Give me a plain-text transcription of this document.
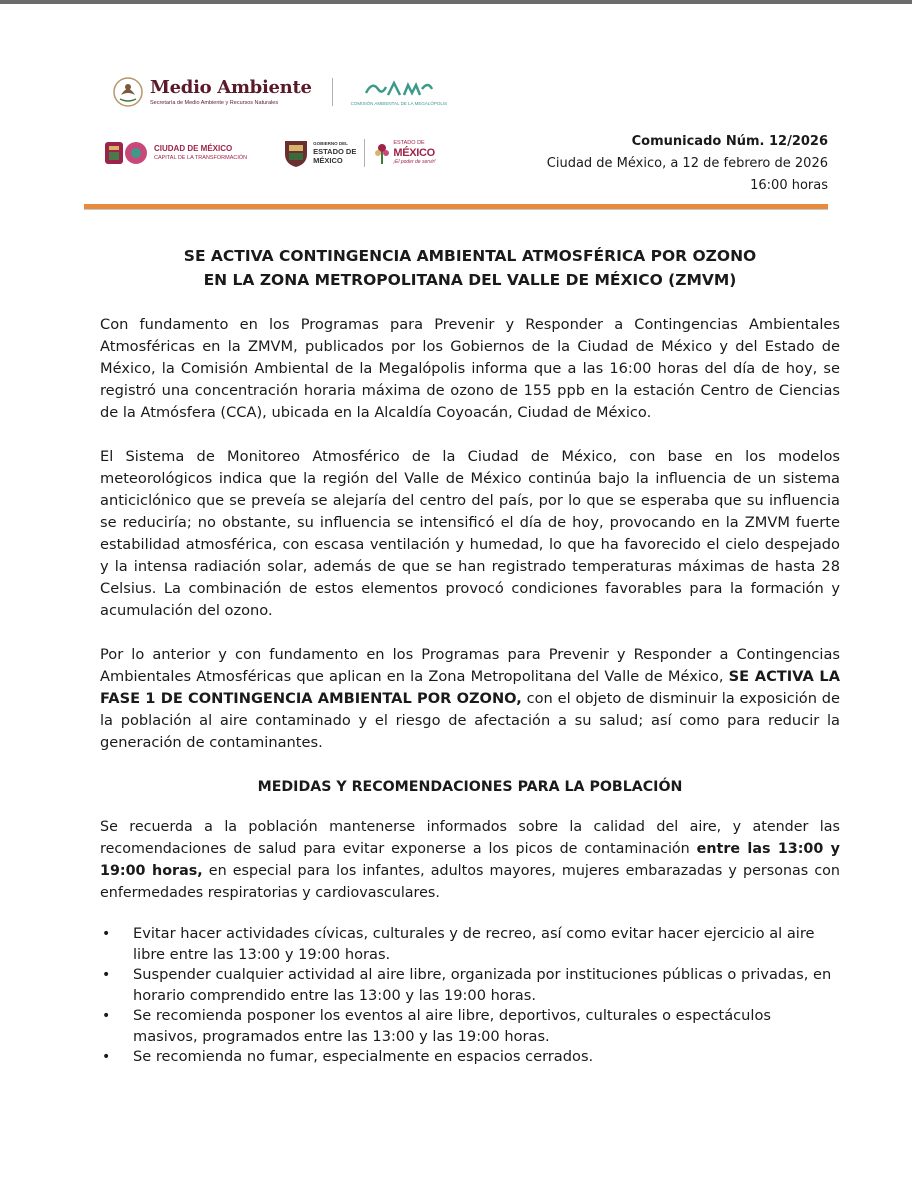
Medio Ambiente
Secretaría de Medio Ambiente y Recursos Naturales	COMISIÓN AMBIENTAL DE LA MEGALÓPOLIS
CIUDAD DE MÉXICO
CAPITAL DE LA TRANSFORMACIÓN
GOBIERNO DEL
ESTADO DE
MÉXICO
ESTADO DE
MÉXICO
¡El poder de servir!
Comunicado Núm. 12/2026
Ciudad de México, a 12 de febrero de 2026
16:00 horas
SE ACTIVA CONTINGENCIA AMBIENTAL ATMOSFÉRICA POR OZONO
EN LA ZONA METROPOLITANA DEL VALLE DE MÉXICO (ZMVM)

Con fundamento en los Programas para Prevenir y Responder a Contingencias Ambientales Atmosféricas en la ZMVM, publicados por los Gobiernos de la Ciudad de México y del Estado de México, la Comisión Ambiental de la Megalópolis informa que a las 16:00 horas del día de hoy, se registró una concentración horaria máxima de ozono de 155 ppb en la estación Centro de Ciencias de la Atmósfera (CCA), ubicada en la Alcaldía Coyoacán, Ciudad de México.

El Sistema de Monitoreo Atmosférico de la Ciudad de México, con base en los modelos meteorológicos indica que la región del Valle de México continúa bajo la influencia de un sistema anticiclónico que se preveía se alejaría del centro del país, por lo que se esperaba que su influencia se reduciría; no obstante, su influencia se intensificó el día de hoy, provocando en la ZMVM fuerte estabilidad atmosférica, con escasa ventilación y humedad, lo que ha favorecido el cielo despejado y la intensa radiación solar, además de que se han registrado temperaturas máximas de hasta 28 Celsius. La combinación de estos elementos provocó condiciones favorables para la formación y acumulación del ozono.

Por lo anterior y con fundamento en los Programas para Prevenir y Responder a Contingencias Ambientales Atmosféricas que aplican en la Zona Metropolitana del Valle de México, SE ACTIVA LA FASE 1 DE CONTINGENCIA AMBIENTAL POR OZONO, con el objeto de disminuir la exposición de la población al aire contaminado y el riesgo de afectación a su salud; así como para reducir la generación de contaminantes.

MEDIDAS Y RECOMENDACIONES PARA LA POBLACIÓN

Se recuerda a la población mantenerse informados sobre la calidad del aire, y atender las recomendaciones de salud para evitar exponerse a los picos de contaminación entre las 13:00 y 19:00 horas, en especial para los infantes, adultos mayores, mujeres embarazadas y personas con enfermedades respiratorias y cardiovasculares.

• Evitar hacer actividades cívicas, culturales y de recreo, así como evitar hacer ejercicio al aire libre entre las 13:00 y 19:00 horas.
• Suspender cualquier actividad al aire libre, organizada por instituciones públicas o privadas, en horario comprendido entre las 13:00 y las 19:00 horas.
• Se recomienda posponer los eventos al aire libre, deportivos, culturales o espectáculos masivos, programados entre las 13:00 y las 19:00 horas.
• Se recomienda no fumar, especialmente en espacios cerrados.
